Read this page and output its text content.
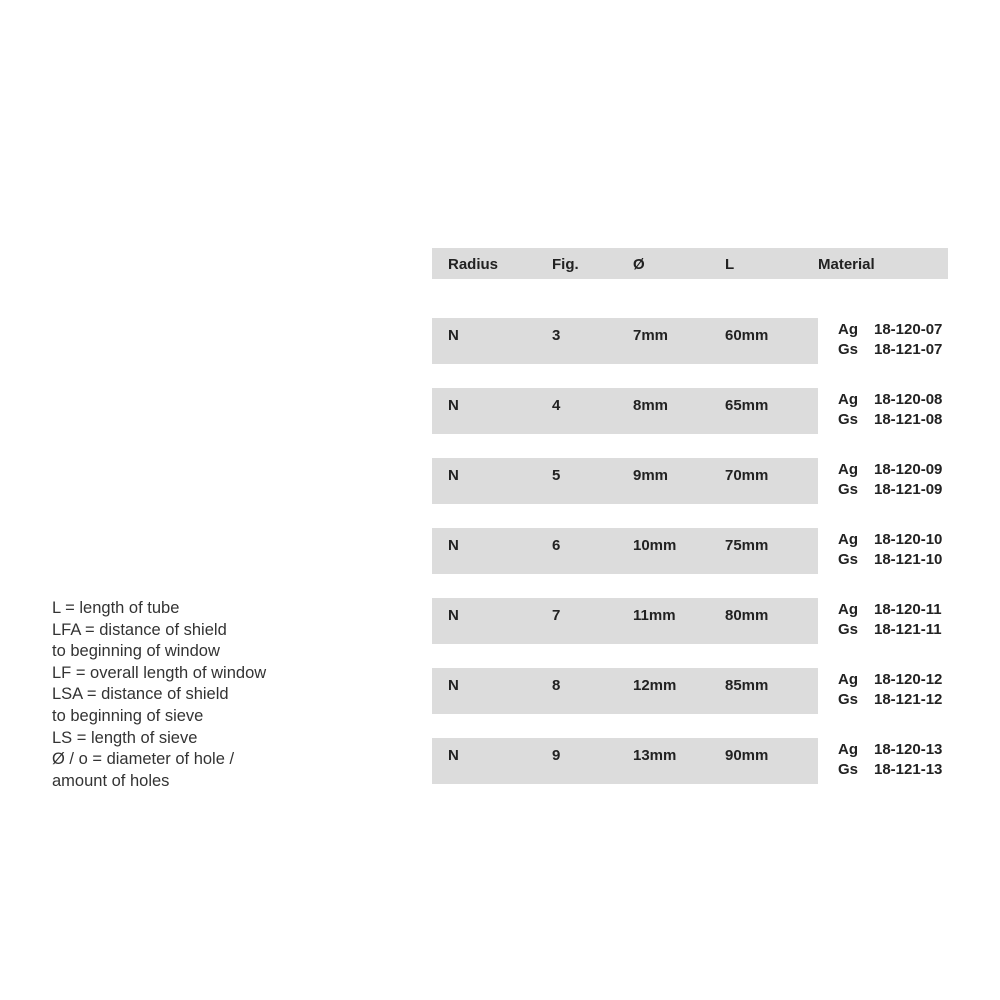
Radius	Fig.	Ø	L	Material
N	3	7mm	60mm	Ag 18-120-07
Gs 18-121-07
N	4	8mm	65mm	Ag 18-120-08
Gs 18-121-08
N	5	9mm	70mm	Ag 18-120-09
Gs 18-121-09
N	6	10mm	75mm	Ag 18-120-10
Gs 18-121-10
N	7	11mm	80mm	Ag 18-120-11
Gs 18-121-11
N	8	12mm	85mm	Ag 18-120-12
Gs 18-121-12
N	9	13mm	90mm	Ag 18-120-13
Gs 18-121-13
L = length of tube
LFA = distance of shield
to beginning of window
LF = overall length of window
LSA = distance of shield
to beginning of sieve
LS = length of sieve
Ø / o = diameter of hole /
amount of holes
